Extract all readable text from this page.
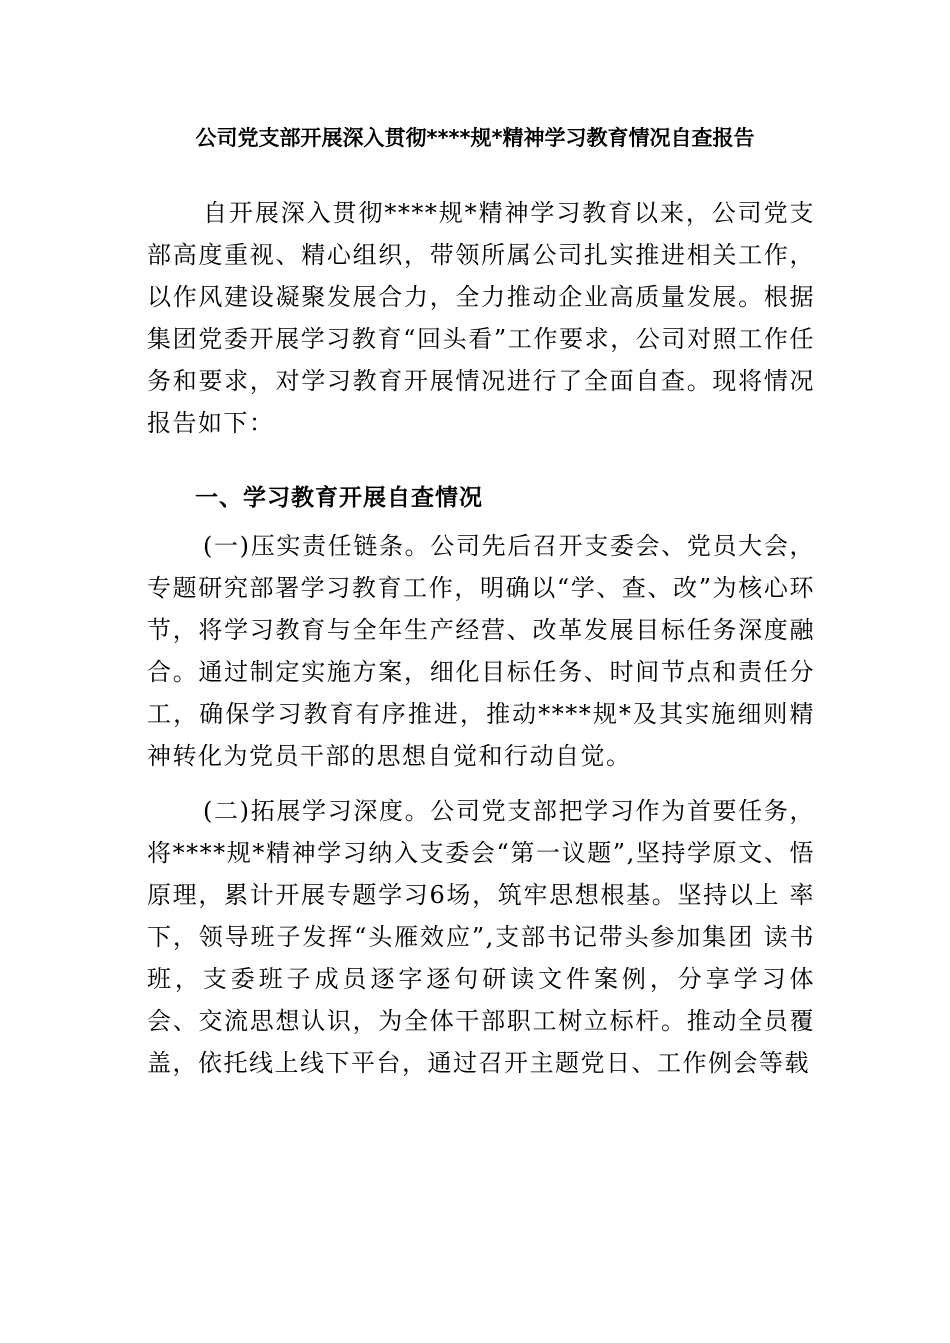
公司党支部开展深入贯彻****规*精神学习教育情况自查报告

自开展深入贯彻****规*精神学习教育以来，公司党支部高度重视、精心组织，带领所属公司扎实推进相关工作，以作风建设凝聚发展合力，全力推动企业高质量发展。根据集团党委开展学习教育“回头看”工作要求，公司对照工作任务和要求，对学习教育开展情况进行了全面自查。现将情况报告如下：

一、学习教育开展自查情况

(一)压实责任链条。公司先后召开支委会、党员大会，专题研究部署学习教育工作，明确以“学、查、改”为核心环节，将学习教育与全年生产经营、改革发展目标任务深度融合。通过制定实施方案，细化目标任务、时间节点和责任分工，确保学习教育有序推进，推动****规*及其实施细则精神转化为党员干部的思想自觉和行动自觉。

(二)拓展学习深度。公司党支部把学习作为首要任务，将****规*精神学习纳入支委会“第一议题”,坚持学原文、悟原理，累计开展专题学习6场，筑牢思想根基。坚持以上 率下，领导班子发挥“头雁效应”,支部书记带头参加集团 读书班，支委班子成员逐字逐句研读文件案例，分享学习体 会、交流思想认识，为全体干部职工树立标杆。推动全员覆 盖，依托线上线下平台，通过召开主题党日、工作例会等载
